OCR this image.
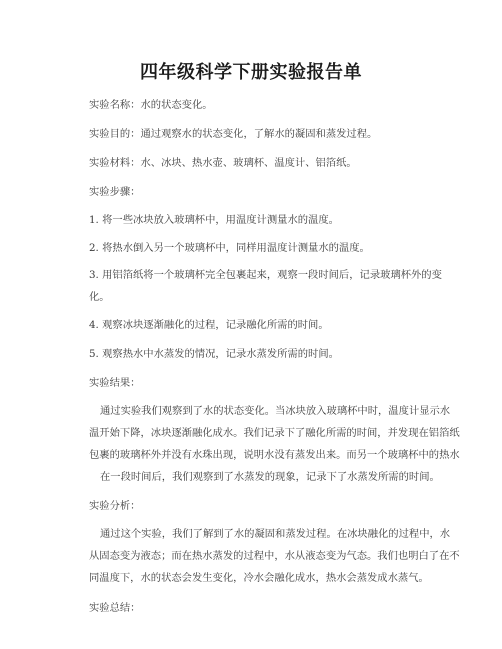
四年级科学下册实验报告单

实验名称：水的状态变化。

实验目的：通过观察水的状态变化，了解水的凝固和蒸发过程。

实验材料：水、冰块、热水壶、玻璃杯、温度计、铝箔纸。

实验步骤：

1. 将一些冰块放入玻璃杯中，用温度计测量水的温度。

2. 将热水倒入另一个玻璃杯中，同样用温度计测量水的温度。

3. 用铝箔纸将一个玻璃杯完全包裹起来，观察一段时间后，记录玻璃杯外的变
化。

4. 观察冰块逐渐融化的过程，记录融化所需的时间。

5. 观察热水中水蒸发的情况，记录水蒸发所需的时间。

实验结果：

通过实验我们观察到了水的状态变化。当冰块放入玻璃杯中时，温度计显示水
温开始下降，冰块逐渐融化成水。我们记录下了融化所需的时间，并发现在铝箔纸
包裹的玻璃杯外并没有水珠出现，说明水没有蒸发出来。而另一个玻璃杯中的热水
在一段时间后，我们观察到了水蒸发的现象，记录下了水蒸发所需的时间。

实验分析：

通过这个实验，我们了解到了水的凝固和蒸发过程。在冰块融化的过程中，水
从固态变为液态；而在热水蒸发的过程中，水从液态变为气态。我们也明白了在不
同温度下，水的状态会发生变化，冷水会融化成水，热水会蒸发成水蒸气。

实验总结：
